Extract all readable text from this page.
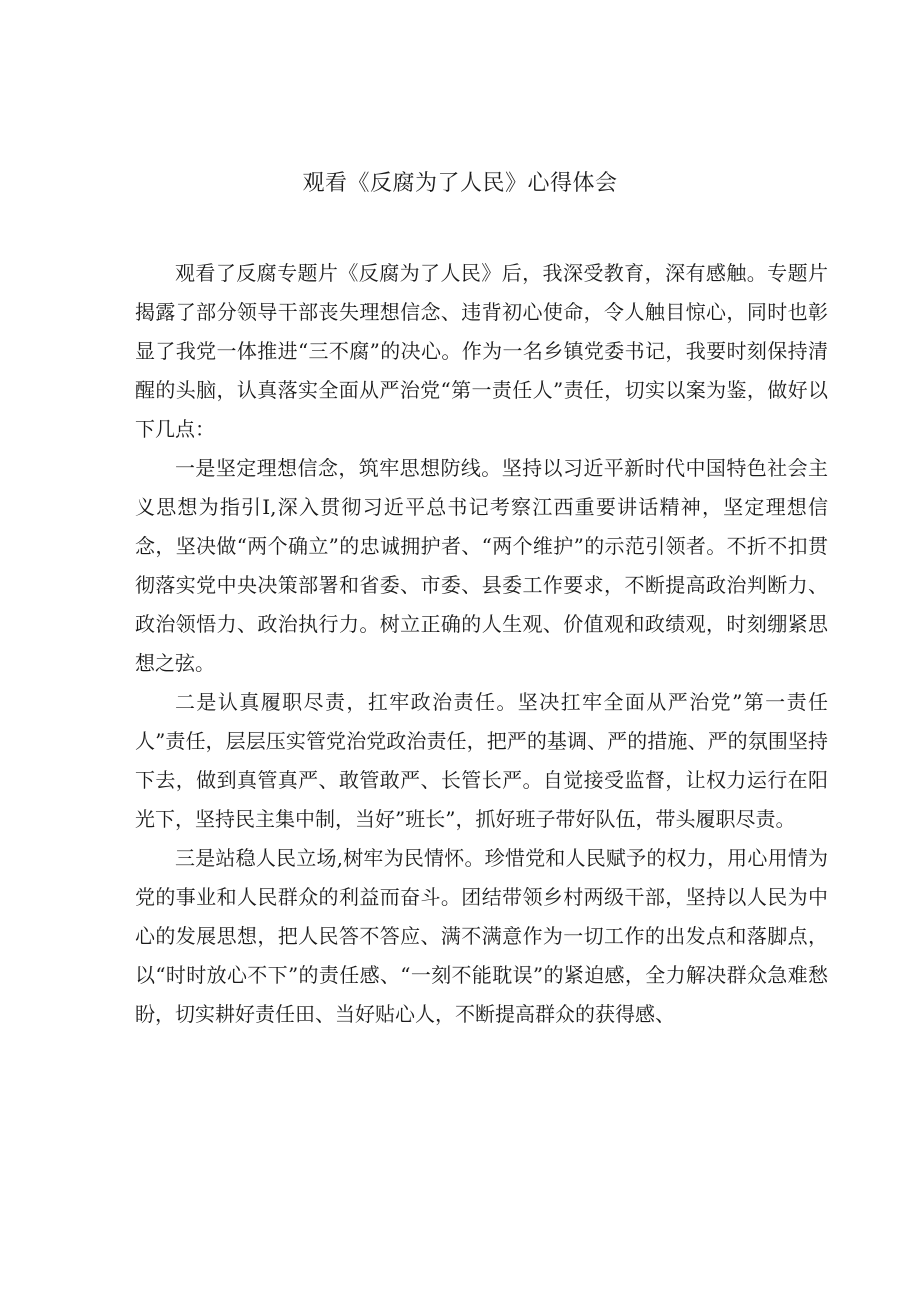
观看《反腐为了人民》心得体会

观看了反腐专题片《反腐为了人民》后，我深受教育，深有感触。专题片揭露了部分领导干部丧失理想信念、违背初心使命，令人触目惊心，同时也彰显了我党一体推进“三不腐”的决心。作为一名乡镇党委书记，我要时刻保持清醒的头脑，认真落实全面从严治党“第一责任人”责任，切实以案为鉴，做好以下几点：

一是坚定理想信念，筑牢思想防线。坚持以习近平新时代中国特色社会主义思想为指引I,深入贯彻习近平总书记考察江西重要讲话精神，坚定理想信念，坚决做“两个确立”的忠诚拥护者、“两个维护”的示范引领者。不折不扣贯彻落实党中央决策部署和省委、市委、县委工作要求，不断提高政治判断力、政治领悟力、政治执行力。树立正确的人生观、价值观和政绩观，时刻绷紧思想之弦。

二是认真履职尽责，扛牢政治责任。坚决扛牢全面从严治党”第一责任人”责任，层层压实管党治党政治责任，把严的基调、严的措施、严的氛围坚持下去，做到真管真严、敢管敢严、长管长严。自觉接受监督，让权力运行在阳光下，坚持民主集中制，当好”班长”，抓好班子带好队伍，带头履职尽责。

三是站稳人民立场,树牢为民情怀。珍惜党和人民赋予的权力，用心用情为党的事业和人民群众的利益而奋斗。团结带领乡村两级干部，坚持以人民为中心的发展思想，把人民答不答应、满不满意作为一切工作的出发点和落脚点，以“时时放心不下”的责任感、“一刻不能耽误”的紧迫感，全力解决群众急难愁盼，切实耕好责任田、当好贴心人，不断提高群众的获得感、
